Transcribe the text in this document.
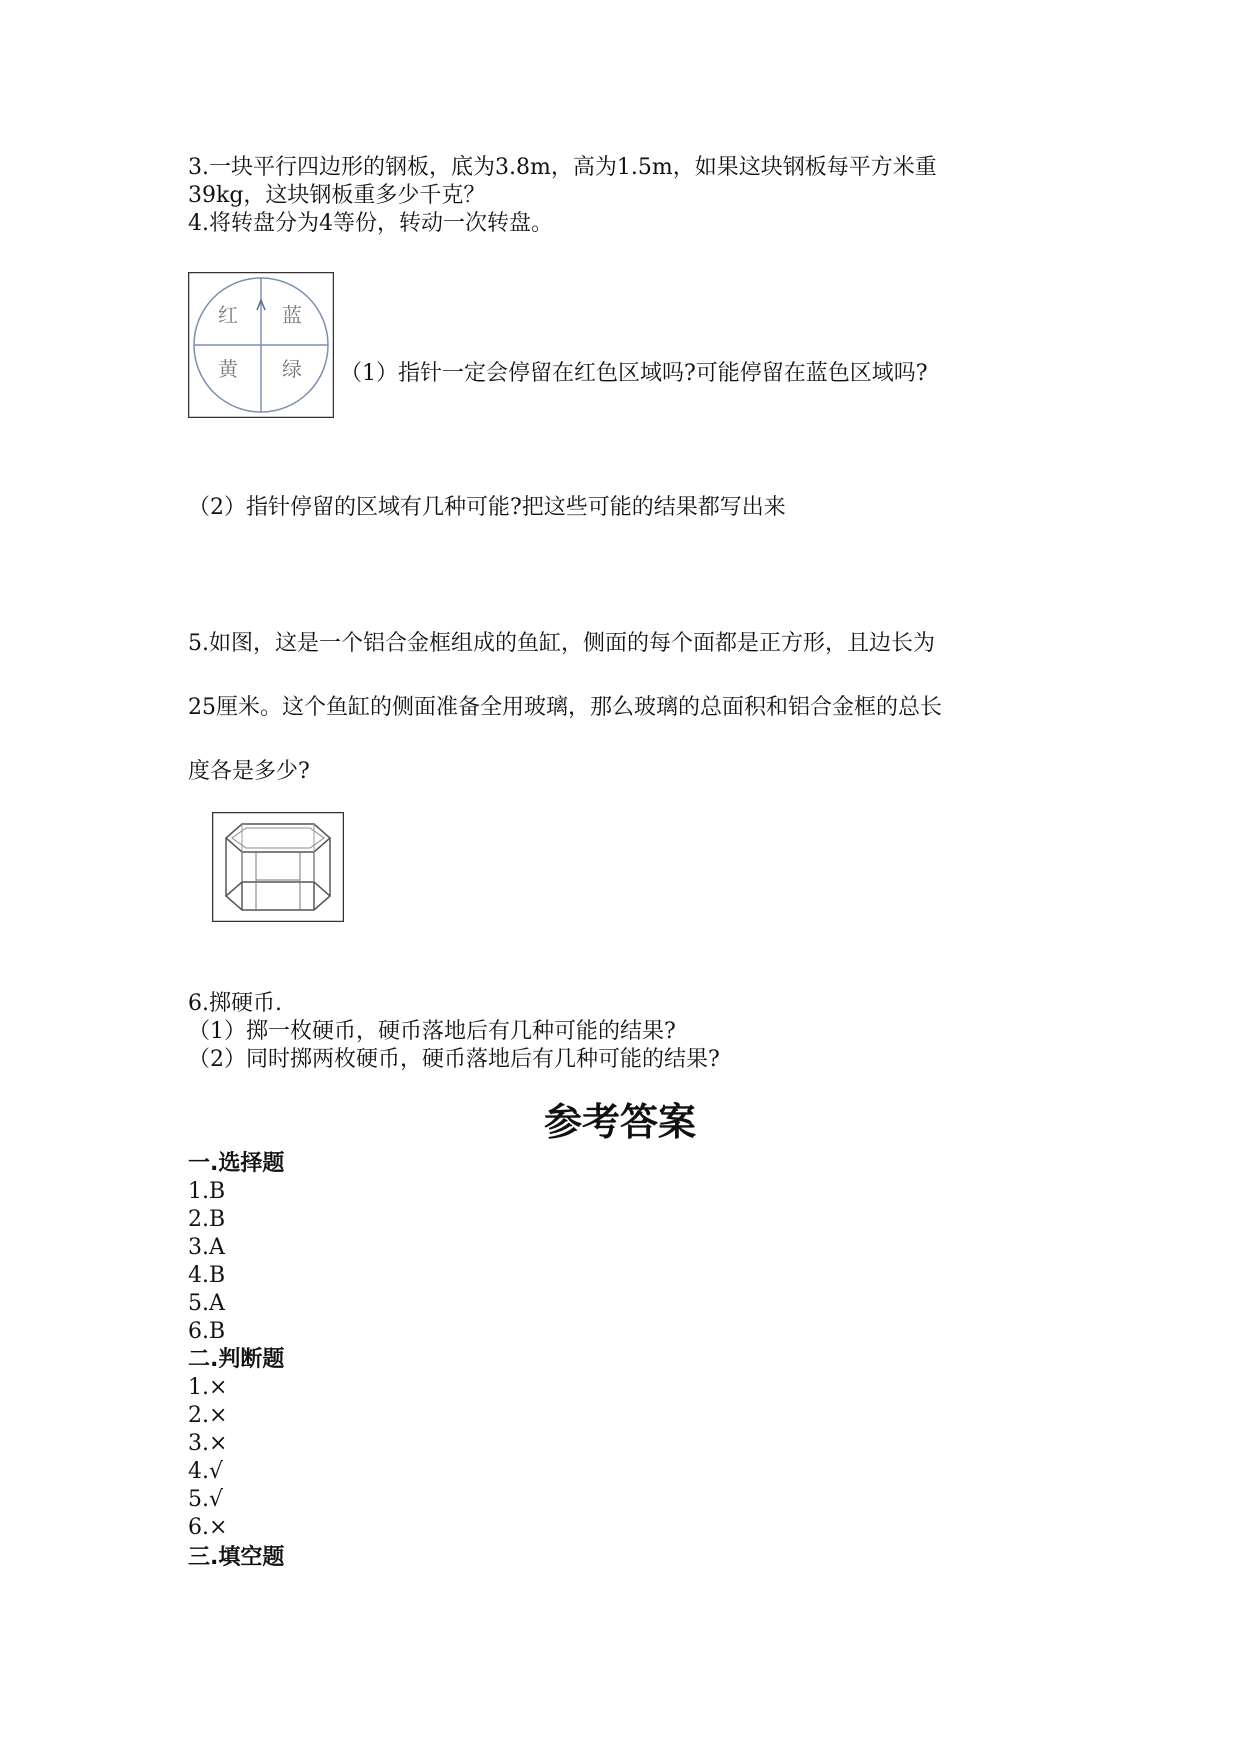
3.一块平行四边形的钢板，底为3.8m，高为1.5m，如果这块钢板每平方米重
39kg，这块钢板重多少千克？
4.将转盘分为4等份，转动一次转盘。
红 蓝
黄 绿 （1）指针一定会停留在红色区域吗?可能停留在蓝色区域吗?
（2）指针停留的区域有几种可能?把这些可能的结果都写出来
5.如图，这是一个铝合金框组成的鱼缸，侧面的每个面都是正方形，且边长为
25厘米。这个鱼缸的侧面准备全用玻璃，那么玻璃的总面积和铝合金框的总长
度各是多少?
6.掷硬币.
（1）掷一枚硬币，硬币落地后有几种可能的结果?
（2）同时掷两枚硬币，硬币落地后有几种可能的结果?
参考答案
一.选择题
1.B
2.B
3.A
4.B
5.A
6.B
二.判断题
1.×
2.×
3.×
4.√
5.√
6.×
三.填空题
